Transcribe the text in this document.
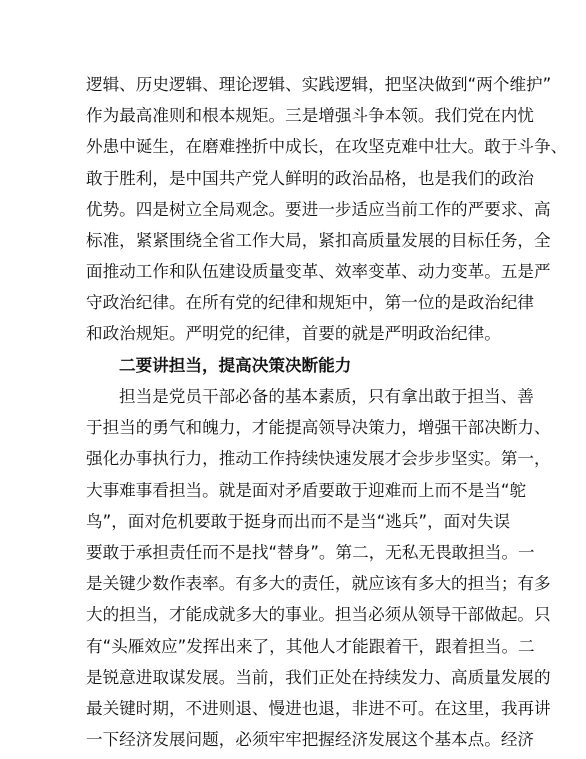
逻辑、历史逻辑、理论逻辑、实践逻辑，把坚决做到“两个维护”
作为最高准则和根本规矩。三是增强斗争本领。我们党在内忧
外患中诞生，在磨难挫折中成长，在攻坚克难中壮大。敢于斗争、
敢于胜利，是中国共产党人鲜明的政治品格，也是我们的政治
优势。四是树立全局观念。要进一步适应当前工作的严要求、高
标准，紧紧围绕全省工作大局，紧扣高质量发展的目标任务，全
面推动工作和队伍建设质量变革、效率变革、动力变革。五是严
守政治纪律。在所有党的纪律和规矩中，第一位的是政治纪律
和政治规矩。严明党的纪律，首要的就是严明政治纪律。
二要讲担当，提高决策决断能力
担当是党员干部必备的基本素质，只有拿出敢于担当、善
于担当的勇气和魄力，才能提高领导决策力，增强干部决断力、
强化办事执行力，推动工作持续快速发展才会步步坚实。第一，
大事难事看担当。就是面对矛盾要敢于迎难而上而不是当“鸵
鸟”，面对危机要敢于挺身而出而不是当“逃兵”，面对失误
要敢于承担责任而不是找“替身”。第二，无私无畏敢担当。一
是关键少数作表率。有多大的责任，就应该有多大的担当；有多
大的担当，才能成就多大的事业。担当必须从领导干部做起。只
有“头雁效应”发挥出来了，其他人才能跟着干，跟着担当。二
是锐意进取谋发展。当前，我们正处在持续发力、高质量发展的
最关键时期，不进则退、慢进也退，非进不可。在这里，我再讲
一下经济发展问题，必须牢牢把握经济发展这个基本点。经济
